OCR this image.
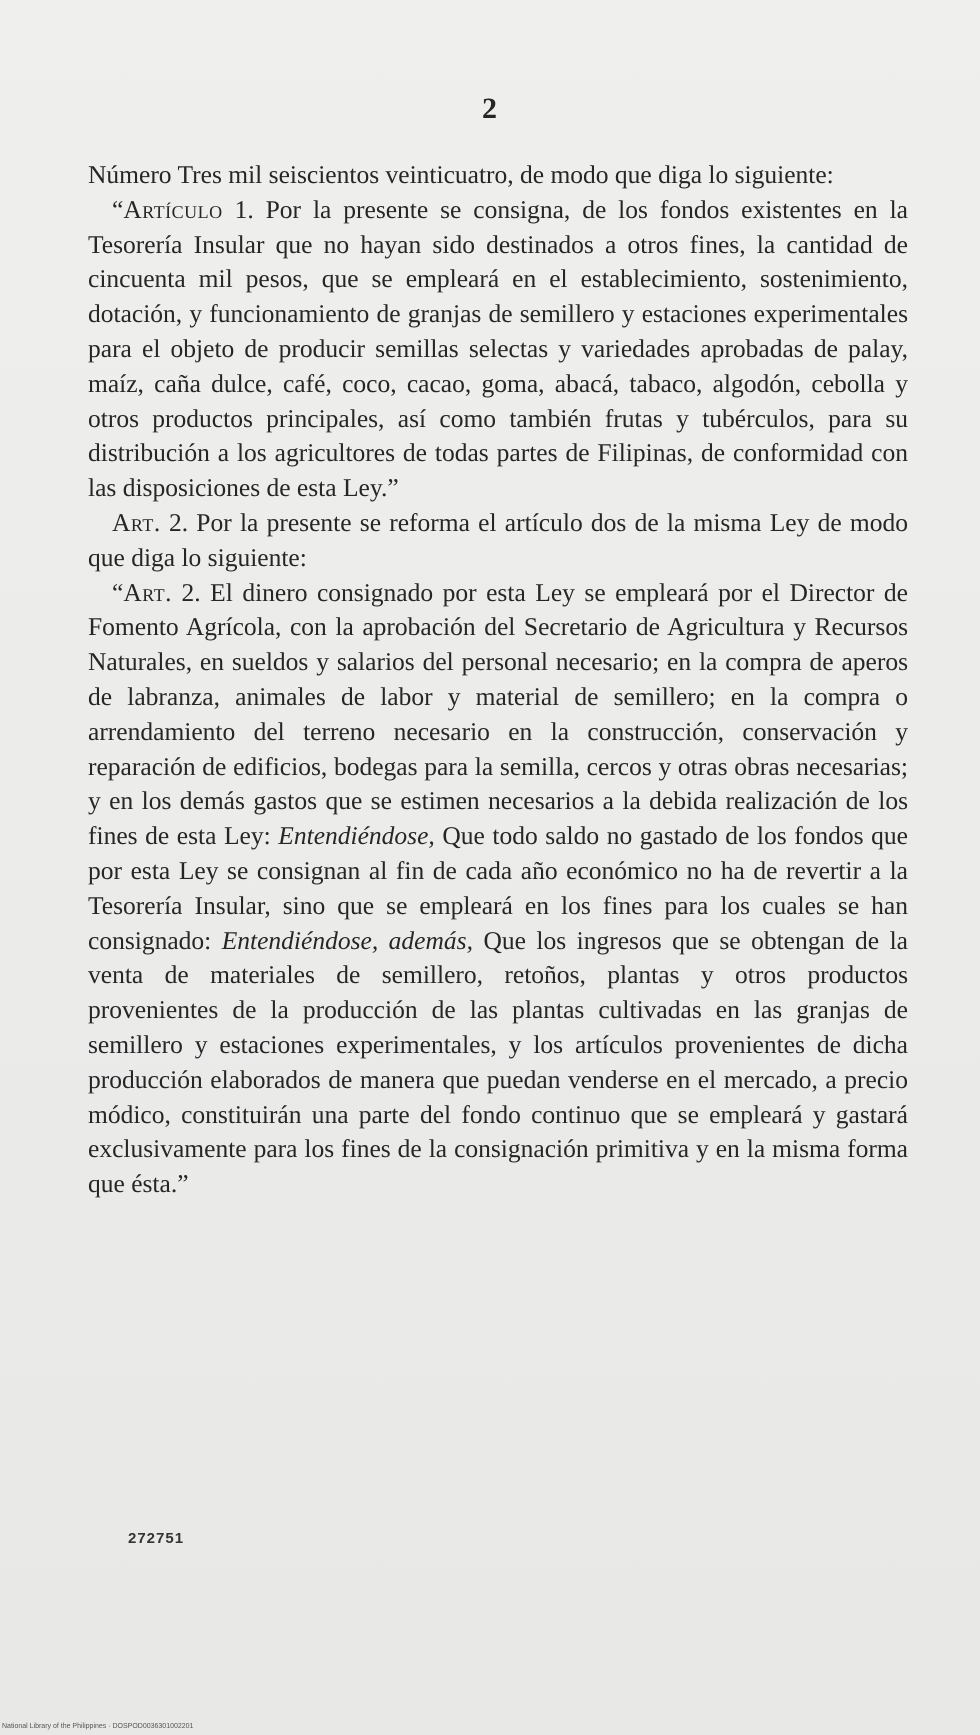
2

Número Tres mil seiscientos veinticuatro, de modo que diga lo siguiente:

“Artículo 1. Por la presente se consigna, de los fondos existentes en la Tesorería Insular que no hayan sido destinados a otros fines, la cantidad de cincuenta mil pesos, que se empleará en el establecimiento, sostenimiento, dotación, y funcionamiento de granjas de semillero y estaciones experimentales para el objeto de producir semillas selectas y variedades aprobadas de palay, maíz, caña dulce, café, coco, cacao, goma, abacá, tabaco, algodón, cebolla y otros productos principales, así como también frutas y tubérculos, para su distribución a los agricultores de todas partes de Filipinas, de conformidad con las disposiciones de esta Ley.”

Art. 2. Por la presente se reforma el artículo dos de la misma Ley de modo que diga lo siguiente:

“Art. 2. El dinero consignado por esta Ley se empleará por el Director de Fomento Agrícola, con la aprobación del Secretario de Agricultura y Recursos Naturales, en sueldos y salarios del personal necesario; en la compra de aperos de labranza, animales de labor y material de semillero; en la compra o arrendamiento del terreno necesario en la construcción, conservación y reparación de edificios, bodegas para la semilla, cercos y otras obras necesarias; y en los demás gastos que se estimen necesarios a la debida realización de los fines de esta Ley: Entendiéndose, Que todo saldo no gastado de los fondos que por esta Ley se consignan al fin de cada año económico no ha de revertir a la Tesorería Insular, sino que se empleará en los fines para los cuales se han consignado: Entendiéndose, además, Que los ingresos que se obtengan de la venta de materiales de semillero, retoños, plantas y otros productos provenientes de la producción de las plantas cultivadas en las granjas de semillero y estaciones experimentales, y los artículos provenientes de dicha producción elaborados de manera que puedan venderse en el mercado, a precio módico, constituirán una parte del fondo continuo que se empleará y gastará exclusivamente para los fines de la consignación primitiva y en la misma forma que ésta.”

272751
National Library of the Philippines · DOSPOD0036301002201
